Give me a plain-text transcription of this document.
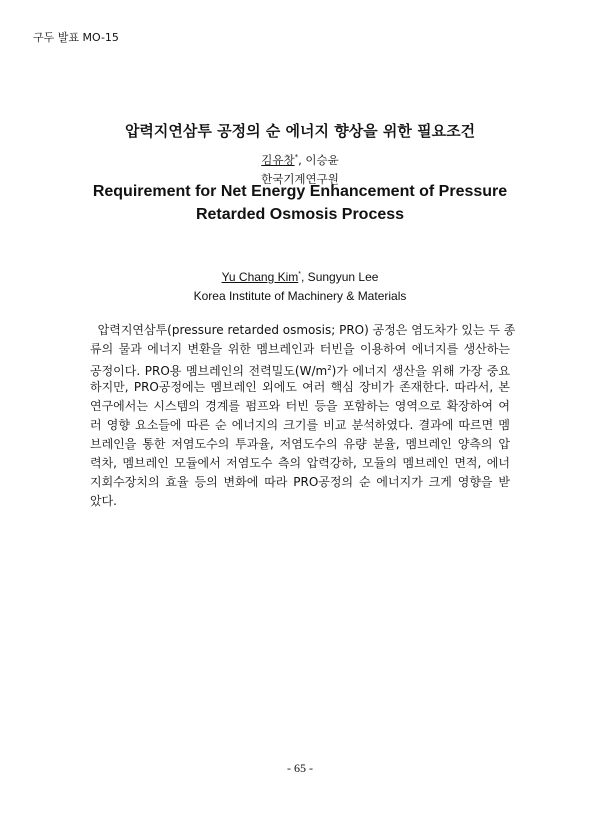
구두 발표 MO-15
압력지연삼투 공정의 순 에너지 향상을 위한 필요조건
김유창*, 이승윤
한국기계연구원
Requirement for Net Energy Enhancement of Pressure
Retarded Osmosis Process
Yu Chang Kim*, Sungyun Lee
Korea Institute of Machinery & Materials
압력지연삼투(pressure retarded osmosis; PRO) 공정은 염도차가 있는 두 종
류의 물과 에너지 변환을 위한 멤브레인과 터빈을 이용하여 에너지를 생산하는
공정이다. PRO용 멤브레인의 전력밀도$(W/m^2)$가 에너지 생산을 위해 가장 중요
하지만, PRO공정에는 멤브레인 외에도 여러 핵심 장비가 존재한다. 따라서, 본
연구에서는 시스템의 경계를 펌프와 터빈 등을 포함하는 영역으로 확장하여 여
러 영향 요소들에 따른 순 에너지의 크기를 비교 분석하였다. 결과에 따르면 멤
브레인을 통한 저염도수의 투과율, 저염도수의 유량 분율, 멤브레인 양측의 압
력차, 멤브레인 모듈에서 저염도수 측의 압력강하, 모듈의 멤브레인 면적, 에너
지회수장치의 효율 등의 변화에 따라 PRO공정의 순 에너지가 크게 영향을 받
았다.
- 65 -
